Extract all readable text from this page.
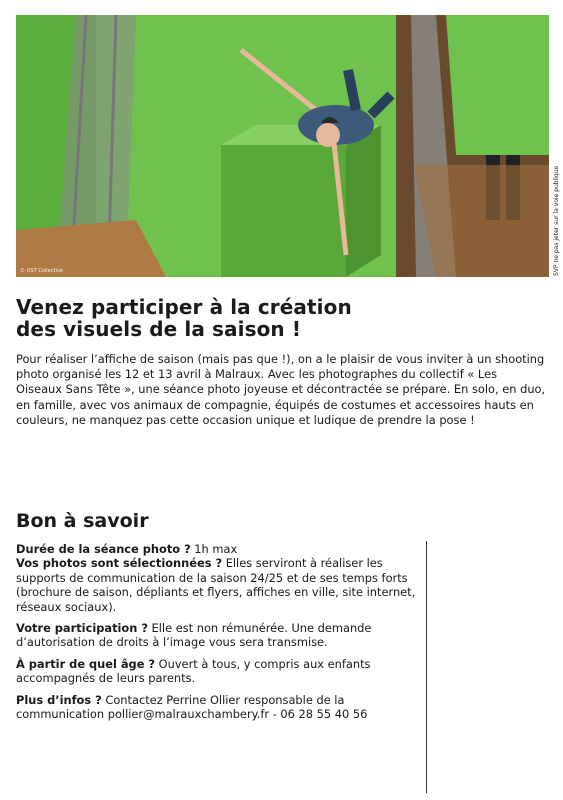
© OST Collective	SVP ne pas jeter sur la voie publique
Venez participer à la création
des visuels de la saison !

Pour réaliser l’affiche de saison (mais pas que !), on a le plaisir de vous inviter à un shooting photo organisé les 12 et 13 avril à Malraux. Avec les photographes du collectif « Les Oiseaux Sans Tête », une séance photo joyeuse et décontractée se prépare. En solo, en duo, en famille, avec vos animaux de compagnie, équipés de costumes et accessoires hauts en couleurs, ne manquez pas cette occasion unique et ludique de prendre la pose !

Bon à savoir

Durée de la séance photo ? 1h max
Vos photos sont sélectionnées ? Elles serviront à réaliser les supports de communication de la saison 24/25 et de ses temps forts (brochure de saison, dépliants et flyers, affiches en ville, site internet, réseaux sociaux).

Votre participation ? Elle est non rémunérée. Une demande d’autorisation de droits à l’image vous sera transmise.

À partir de quel âge ? Ouvert à tous, y compris aux enfants accompagnés de leurs parents.

Plus d’infos ? Contactez Perrine Ollier responsable de la communication pollier@malrauxchambery.fr - 06 28 55 40 56
